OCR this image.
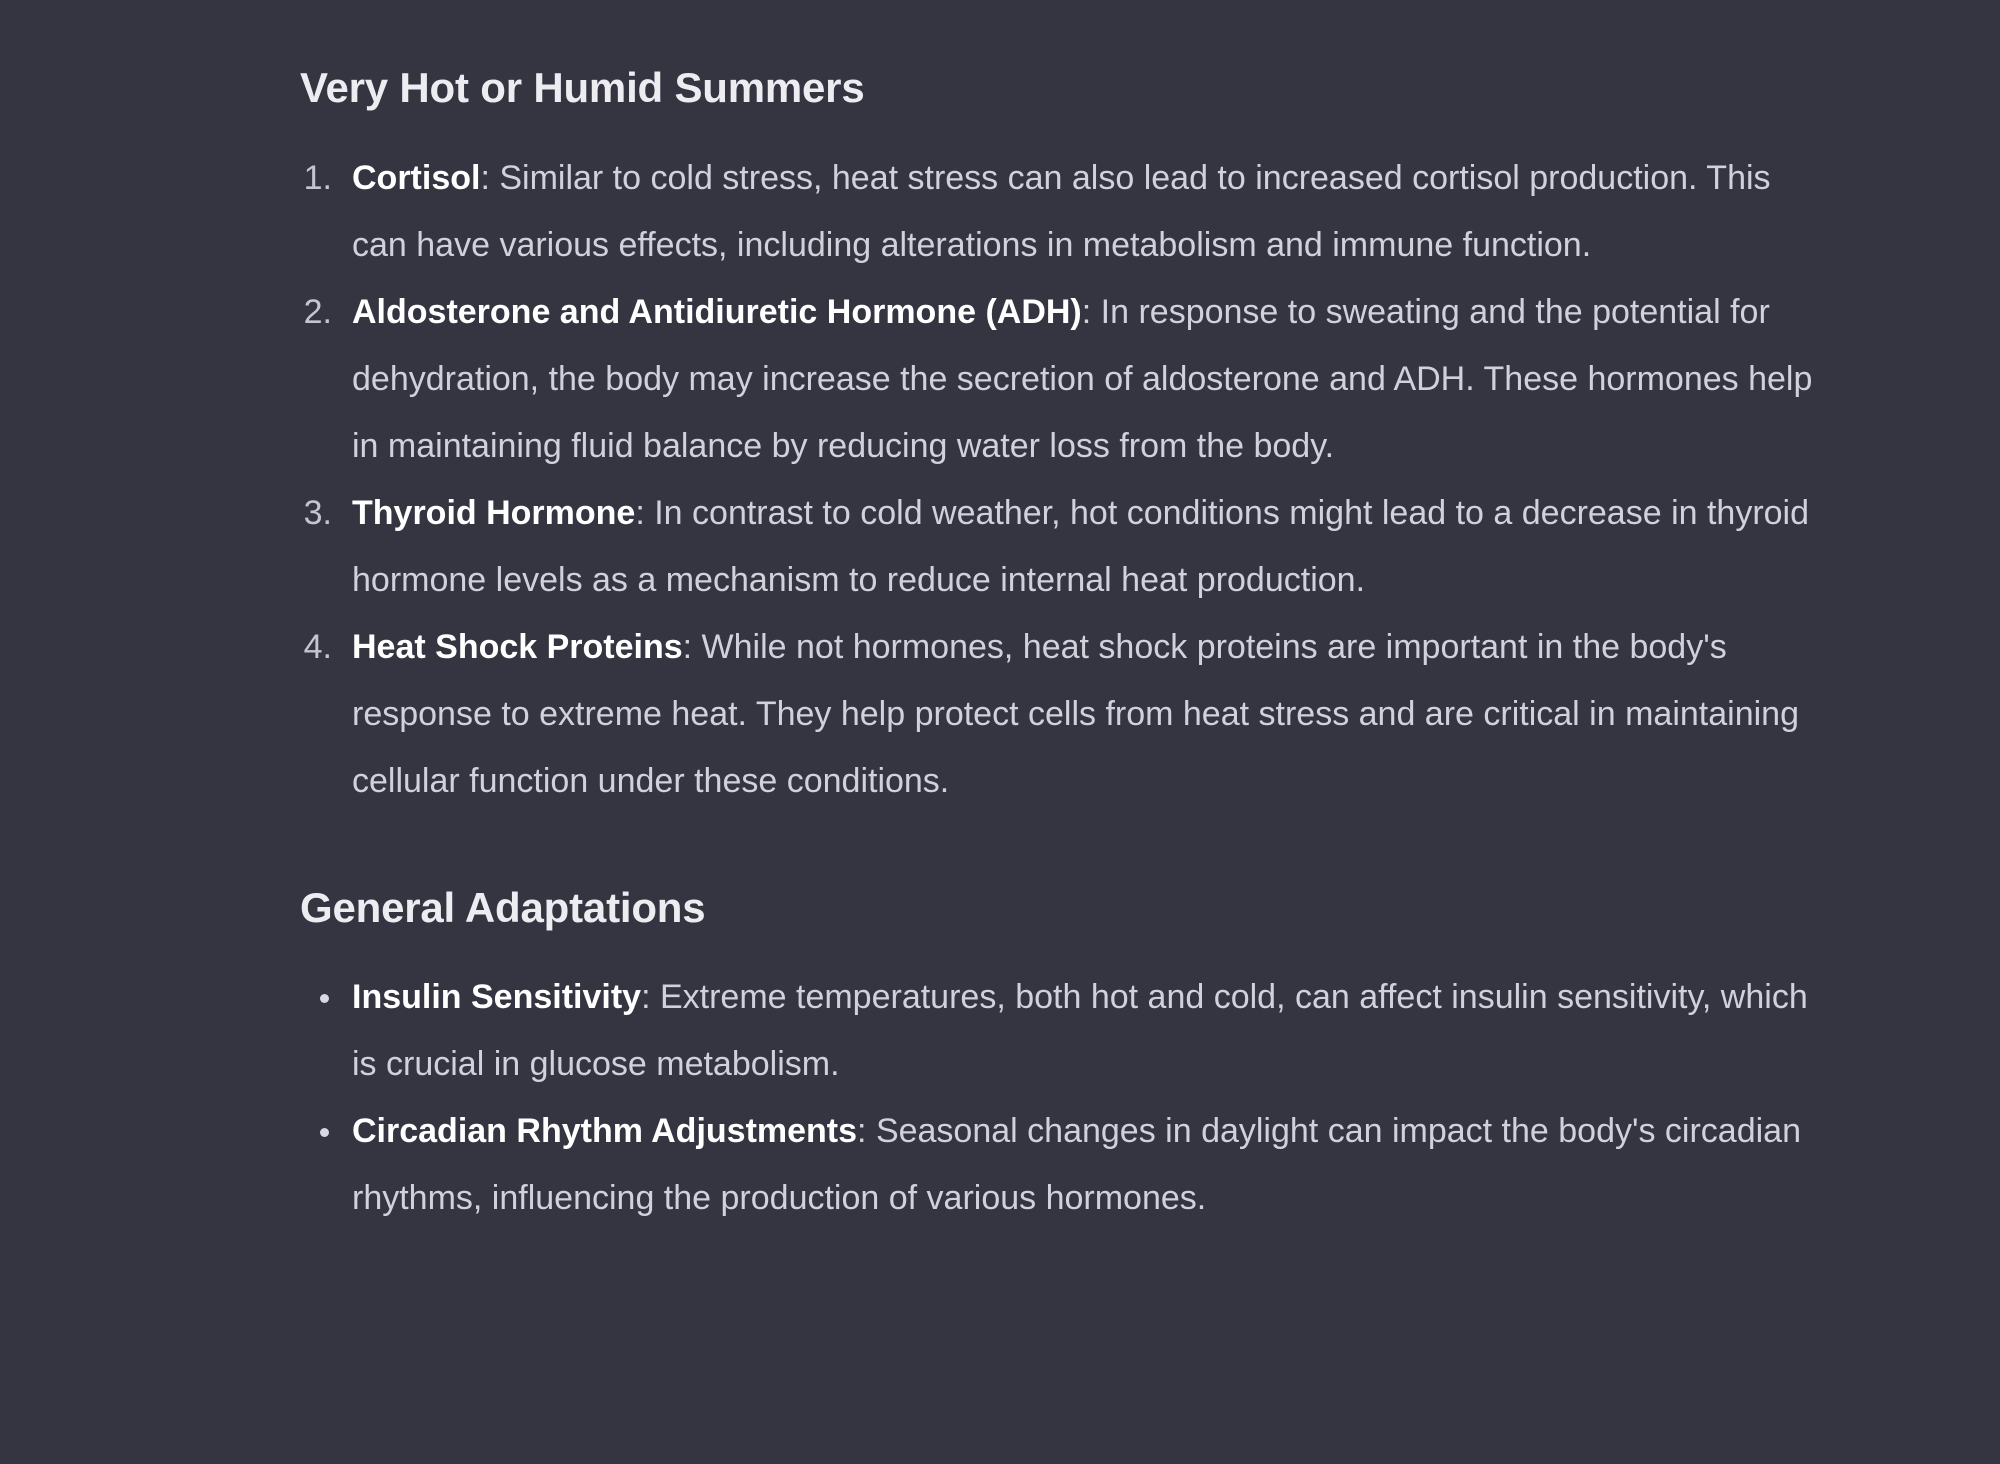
Very Hot or Humid Summers
1. Cortisol: Similar to cold stress, heat stress can also lead to increased cortisol production. This can have various effects, including alterations in metabolism and immune function.
2. Aldosterone and Antidiuretic Hormone (ADH): In response to sweating and the potential for dehydration, the body may increase the secretion of aldosterone and ADH. These hormones help in maintaining fluid balance by reducing water loss from the body.
3. Thyroid Hormone: In contrast to cold weather, hot conditions might lead to a decrease in thyroid hormone levels as a mechanism to reduce internal heat production.
4. Heat Shock Proteins: While not hormones, heat shock proteins are important in the body's response to extreme heat. They help protect cells from heat stress and are critical in maintaining cellular function under these conditions.
General Adaptations
Insulin Sensitivity: Extreme temperatures, both hot and cold, can affect insulin sensitivity, which is crucial in glucose metabolism.
Circadian Rhythm Adjustments: Seasonal changes in daylight can impact the body's circadian rhythms, influencing the production of various hormones.
